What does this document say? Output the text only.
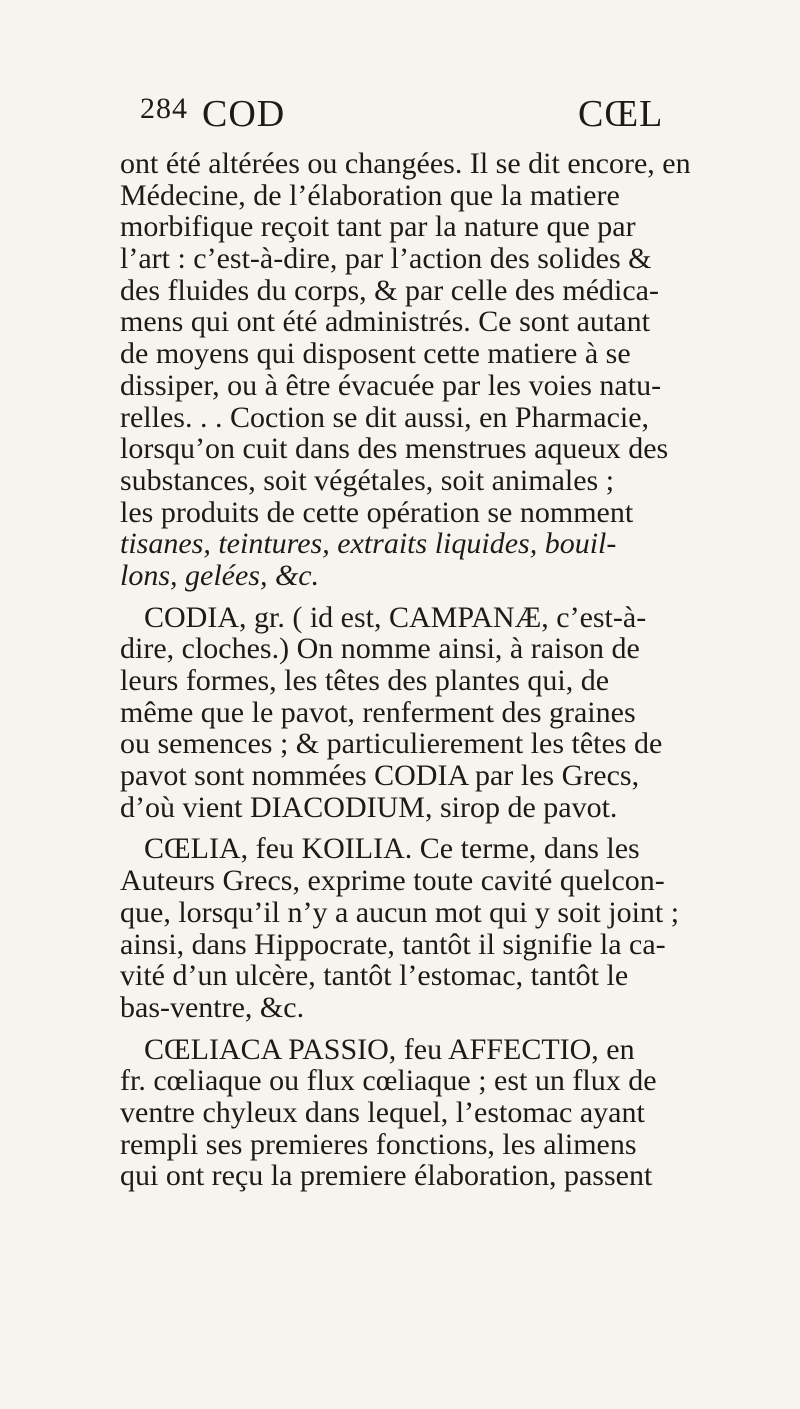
284 COD	CŒL
ont été altérées ou changées. Il se dit encore, en
Médecine, de l’élaboration que la matiere
morbifique reçoit tant par la nature que par
l’art : c’est-à-dire, par l’action des solides &
des fluides du corps, & par celle des médica-
mens qui ont été administrés. Ce sont autant
de moyens qui disposent cette matiere à se
dissiper, ou à être évacuée par les voies natu-
relles. . . Coction se dit aussi, en Pharmacie,
lorsqu’on cuit dans des menstrues aqueux des
substances, soit végétales, soit animales ;
les produits de cette opération se nomment
tisanes, teintures, extraits liquides, bouil-
lons, gelées, &c.
CODIA, gr. ( id est, CAMPANÆ, c’est-à-
dire, cloches.) On nomme ainsi, à raison de
leurs formes, les têtes des plantes qui, de
même que le pavot, renferment des graines
ou semences ; & particulierement les têtes de
pavot sont nommées CODIA par les Grecs,
d’où vient DIACODIUM, sirop de pavot.
CŒLIA, feu KOILIA. Ce terme, dans les
Auteurs Grecs, exprime toute cavité quelcon-
que, lorsqu’il n’y a aucun mot qui y soit joint ;
ainsi, dans Hippocrate, tantôt il signifie la ca-
vité d’un ulcère, tantôt l’estomac, tantôt le
bas-ventre, &c.
CŒLIACA PASSIO, feu AFFECTIO, en
fr. cœliaque ou flux cœliaque ; est un flux de
ventre chyleux dans lequel, l’estomac ayant
rempli ses premieres fonctions, les alimens
qui ont reçu la premiere élaboration, passent
